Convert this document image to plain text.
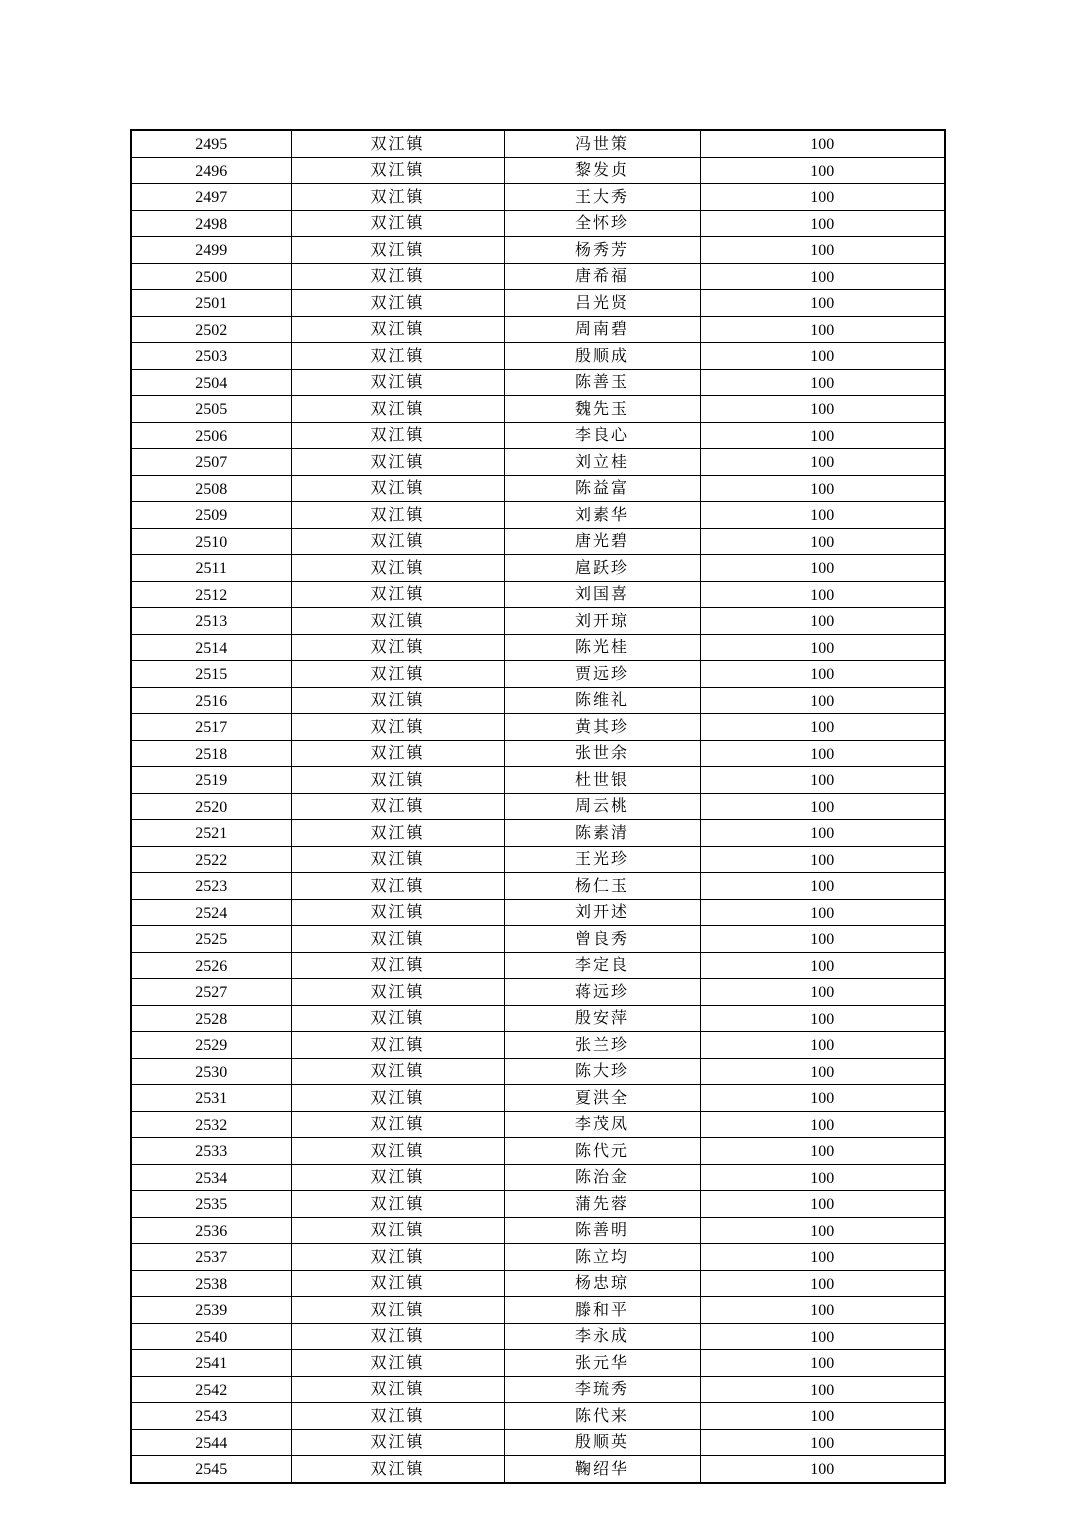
2495	双江镇	冯世策	100
2496	双江镇	黎发贞	100
2497	双江镇	王大秀	100
2498	双江镇	全怀珍	100
2499	双江镇	杨秀芳	100
2500	双江镇	唐希福	100
2501	双江镇	吕光贤	100
2502	双江镇	周南碧	100
2503	双江镇	殷顺成	100
2504	双江镇	陈善玉	100
2505	双江镇	魏先玉	100
2506	双江镇	李良心	100
2507	双江镇	刘立桂	100
2508	双江镇	陈益富	100
2509	双江镇	刘素华	100
2510	双江镇	唐光碧	100
2511	双江镇	扈跃珍	100
2512	双江镇	刘国喜	100
2513	双江镇	刘开琼	100
2514	双江镇	陈光桂	100
2515	双江镇	贾远珍	100
2516	双江镇	陈维礼	100
2517	双江镇	黄其珍	100
2518	双江镇	张世余	100
2519	双江镇	杜世银	100
2520	双江镇	周云桃	100
2521	双江镇	陈素清	100
2522	双江镇	王光珍	100
2523	双江镇	杨仁玉	100
2524	双江镇	刘开述	100
2525	双江镇	曾良秀	100
2526	双江镇	李定良	100
2527	双江镇	蒋远珍	100
2528	双江镇	殷安萍	100
2529	双江镇	张兰珍	100
2530	双江镇	陈大珍	100
2531	双江镇	夏洪全	100
2532	双江镇	李茂凤	100
2533	双江镇	陈代元	100
2534	双江镇	陈治金	100
2535	双江镇	蒲先蓉	100
2536	双江镇	陈善明	100
2537	双江镇	陈立均	100
2538	双江镇	杨忠琼	100
2539	双江镇	滕和平	100
2540	双江镇	李永成	100
2541	双江镇	张元华	100
2542	双江镇	李琉秀	100
2543	双江镇	陈代来	100
2544	双江镇	殷顺英	100
2545	双江镇	鞠绍华	100
